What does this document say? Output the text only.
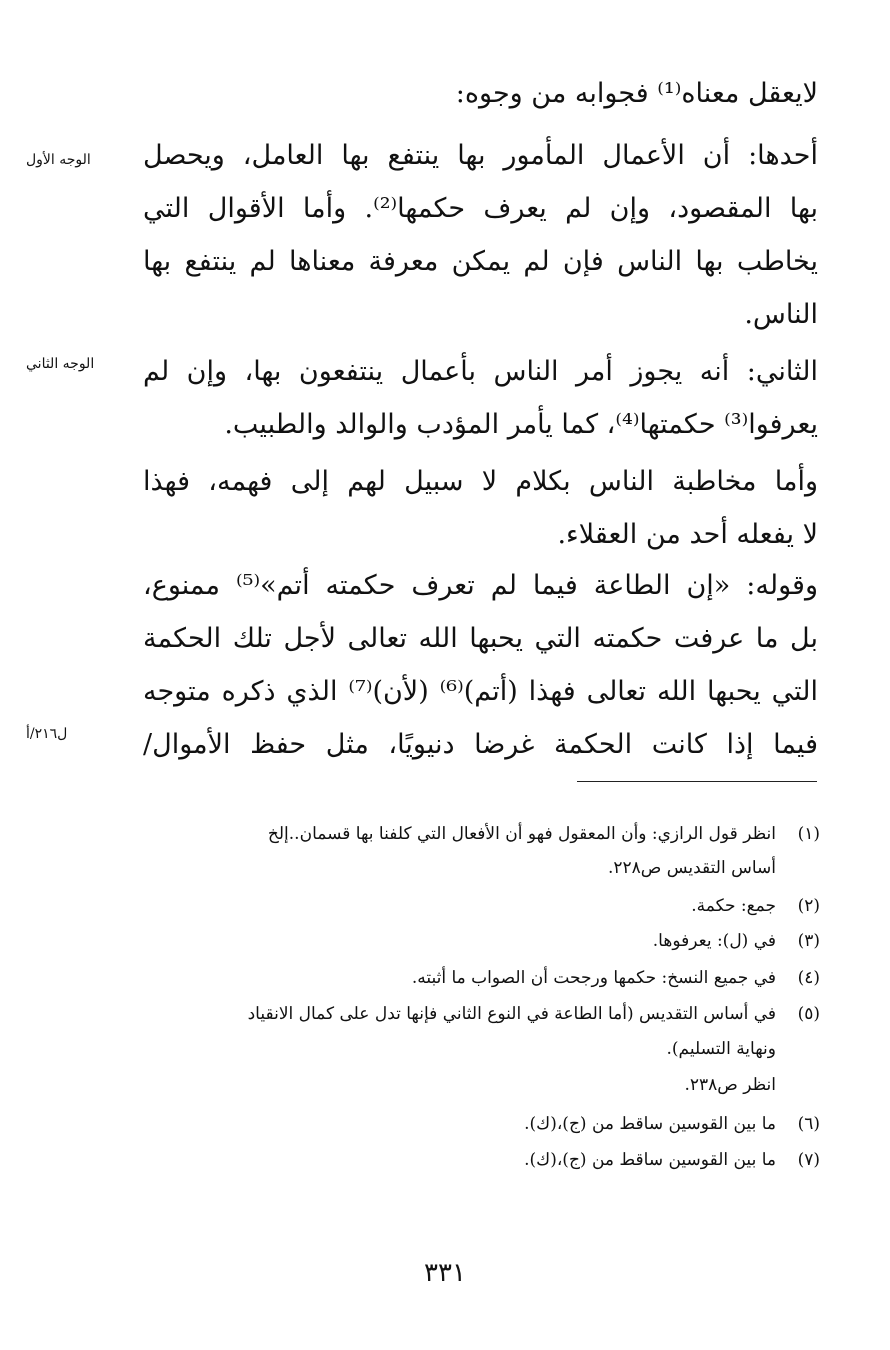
لايعقل معناه⁽¹⁾ فجوابه من وجوه:
أحدها: أن الأعمال المأمور بها ينتفع بها العامل، ويحصل
بها المقصود، وإن لم يعرف حكمها⁽²⁾. وأما الأقوال التي
يخاطب بها الناس فإن لم يمكن معرفة معناها لم ينتفع بها
الناس.
الثاني: أنه يجوز أمر الناس بأعمال ينتفعون بها، وإن لم
يعرفوا⁽³⁾ حكمتها⁽⁴⁾، كما يأمر المؤدب والوالد والطبيب.
وأما مخاطبة الناس بكلام لا سبيل لهم إلى فهمه، فهذا
لا يفعله أحد من العقلاء.
وقوله: «إن الطاعة فيما لم تعرف حكمته أتم»⁽⁵⁾ ممنوع،
بل ما عرفت حكمته التي يحبها الله تعالى لأجل تلك الحكمة
التي يحبها الله تعالى فهذا (أتم)⁽⁶⁾ (لأن)⁽⁷⁾ الذي ذكره متوجه
فيما إذا كانت الحكمة غرضا دنيويًا، مثل حفظ الأموال/
الوجه الأول
الوجه الثاني
ل٢١٦/أ
(١)انظر قول الرازي: وأن المعقول فهو أن الأفعال التي كلفنا بها قسمان..إلخ
أساس التقديس ص٢٢٨.
(٢)جمع: حكمة.
(٣)في (ل): يعرفوها.
(٤)في جميع النسخ: حكمها ورجحت أن الصواب ما أثبته.
(٥)في أساس التقديس (أما الطاعة في النوع الثاني فإنها تدل على كمال الانقياد
ونهاية التسليم).
انظر ص٢٣٨.
(٦)ما بين القوسين ساقط من (ج)،(ك).
(٧)ما بين القوسين ساقط من (ج)،(ك).
٣٣١
